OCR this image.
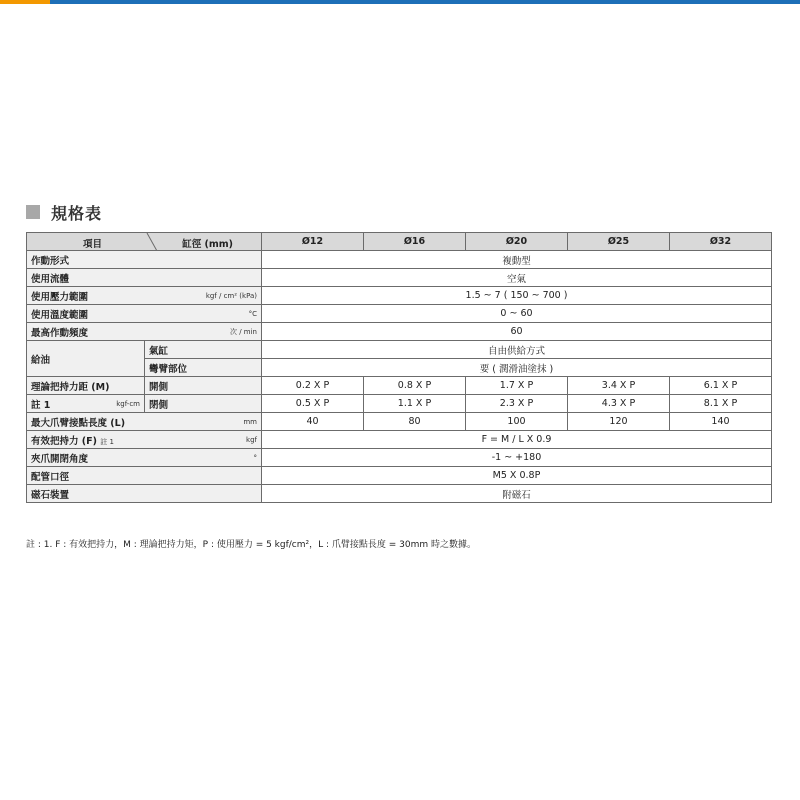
規格表
項目 缸徑 (mm)		Ø12	Ø16	Ø20	Ø25	Ø32
作動形式		複動型				
使用流體		空氣				

使用壓力範圍 kgf / cm² (kPa)		1.5 ~ 7 ( 150 ~ 700 )				

使用溫度範圍 °C		0 ~ 60				

最高作動頻度 次 / min		60				
給油	氣缸	自由供給方式				
	彎臂部位	要 ( 潤滑油塗抹 )				
理論把持力距 (M)	開側	0.2 X P	0.8 X P	1.7 X P	3.4 X P	6.1 X P

註 1 kgf-cm	閉側	0.5 X P	1.1 X P	2.3 X P	4.3 X P	8.1 X P

最大爪臂接點長度 (L) mm		40	80	100	120	140

有效把持力 (F) 註 1 kgf		F = M / L X 0.9				

夾爪開閉角度 °		-1 ~ +180				
配管口徑		M5 X 0.8P				
磁石裝置		附磁石				
註 : 1. F : 有效把持力，M : 理論把持力矩，P : 使用壓力 = 5 kgf/cm²，L : 爪臂接點長度 = 30mm 時之數據。
